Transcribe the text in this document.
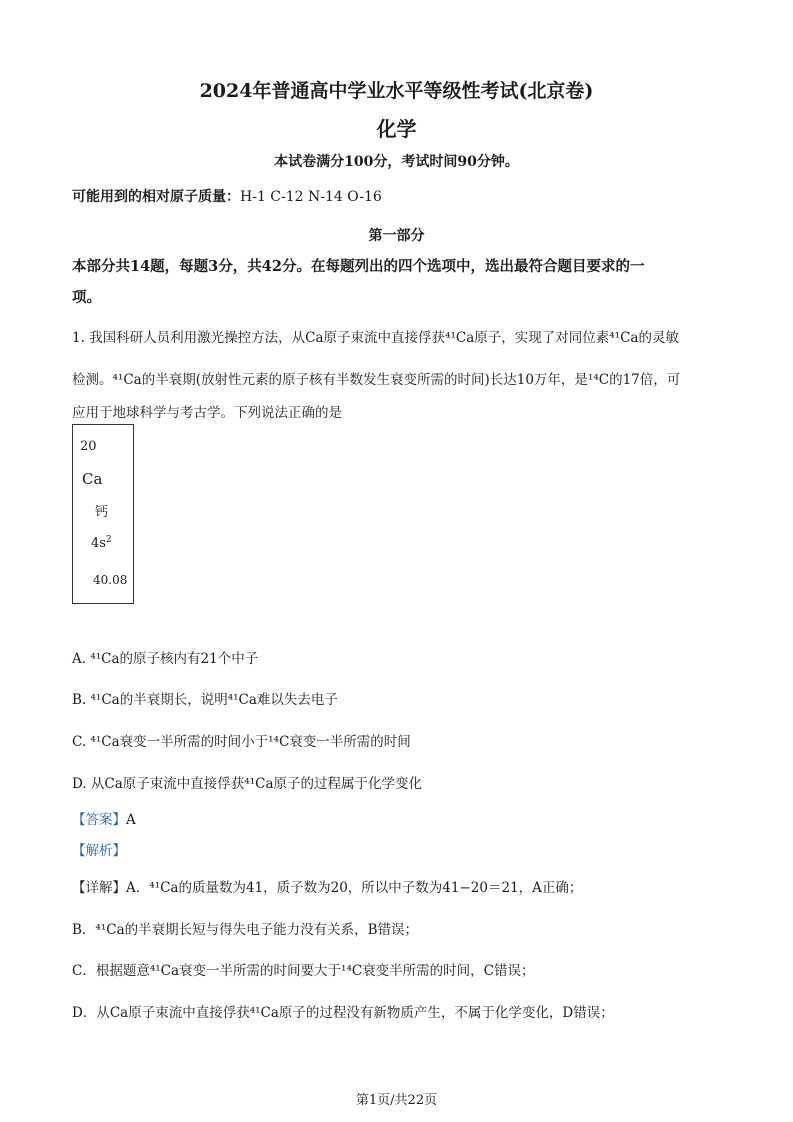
2024年普通高中学业水平等级性考试(北京卷)
化学
本试卷满分100分，考试时间90分钟。
可能用到的相对原子质量：H-1 C-12 N-14 O-16
第一部分
本部分共14题，每题3分，共42分。在每题列出的四个选项中，选出最符合题目要求的一
项。
1. 我国科研人员利用激光操控方法，从Ca原子束流中直接俘获⁴¹Ca原子，实现了对同位素⁴¹Ca的灵敏
检测。⁴¹Ca的半衰期(放射性元素的原子核有半数发生衰变所需的时间)长达10万年，是¹⁴C的17倍，可
应用于地球科学与考古学。下列说法正确的是
20
Ca
钙
$4s^2$
40.08
A. ⁴¹Ca的原子核内有21个中子
B. ⁴¹Ca的半衰期长，说明⁴¹Ca难以失去电子
C. ⁴¹Ca衰变一半所需的时间小于¹⁴C衰变一半所需的时间
D. 从Ca原子束流中直接俘获⁴¹Ca原子的过程属于化学变化
【答案】A
【解析】
【详解】A．⁴¹Ca的质量数为41，质子数为20，所以中子数为41−20＝21，A正确；
B．⁴¹Ca的半衰期长短与得失电子能力没有关系，B错误；
C．根据题意⁴¹Ca衰变一半所需的时间要大于¹⁴C衰变半所需的时间，C错误；
D．从Ca原子束流中直接俘获⁴¹Ca原子的过程没有新物质产生，不属于化学变化，D错误；
第1页/共22页
